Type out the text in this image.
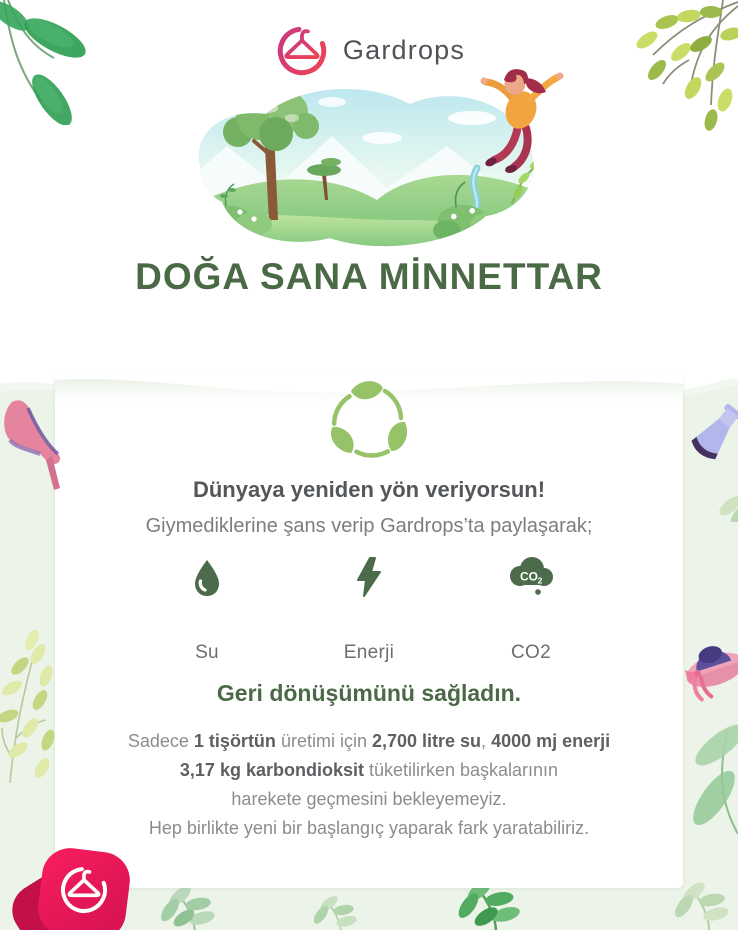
Gardrops
DOĞA SANA MİNNETTAR
Dünyaya yeniden yön veriyorsun!
Giymediklerine şans verip Gardrops’ta paylaşarak;
Su	Enerji
CO 2
CO2
Geri dönüşümünü sağladın.

Sadece 1 tişörtün üretimi için 2,700 litre su, 4000 mj enerji
3,17 kg karbondioksit tüketilirken başkalarının
harekete geçmesini bekleyemeyiz.
Hep birlikte yeni bir başlangıç yaparak fark yaratabiliriz.
